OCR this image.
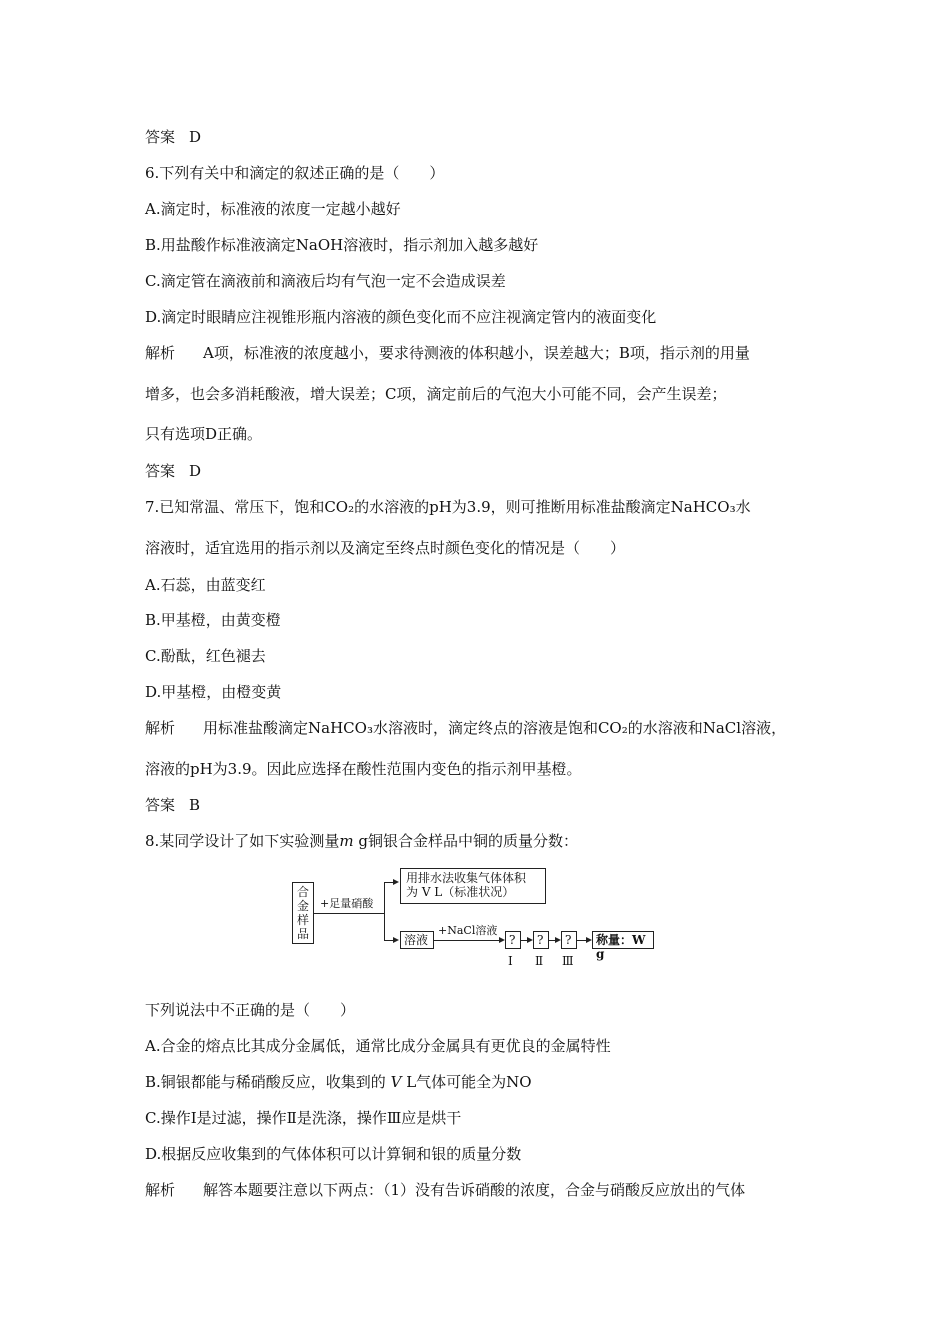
答案 D
6.下列有关中和滴定的叙述正确的是（　　）
A.滴定时，标准液的浓度一定越小越好
B.用盐酸作标准液滴定NaOH溶液时，指示剂加入越多越好
C.滴定管在滴液前和滴液后均有气泡一定不会造成误差
D.滴定时眼睛应注视锥形瓶内溶液的颜色变化而不应注视滴定管内的液面变化
解析 A项，标准液的浓度越小，要求待测液的体积越小，误差越大；B项，指示剂的用量
增多，也会多消耗酸液，增大误差；C项，滴定前后的气泡大小可能不同，会产生误差；
只有选项D正确。
答案 D
7.已知常温、常压下，饱和CO₂的水溶液的pH为3.9，则可推断用标准盐酸滴定NaHCO₃水
溶液时，适宜选用的指示剂以及滴定至终点时颜色变化的情况是（　　）
A.石蕊，由蓝变红
B.甲基橙，由黄变橙
C.酚酞，红色褪去
D.甲基橙，由橙变黄
解析 用标准盐酸滴定NaHCO₃水溶液时，滴定终点的溶液是饱和CO₂的水溶液和NaCl溶液，
溶液的pH为3.9。因此应选择在酸性范围内变色的指示剂甲基橙。
答案 B
8.某同学设计了如下实验测量m g铜银合金样品中铜的质量分数：
合金样品
+足量硝酸
用排水法收集气体体积
为 V L（标准状况）
溶液
+NaCl溶液
?	?	?	称量：W g
Ⅰ Ⅱ Ⅲ
下列说法中不正确的是（　　）
A.合金的熔点比其成分金属低，通常比成分金属具有更优良的金属特性
B.铜银都能与稀硝酸反应，收集到的 V L气体可能全为NO
C.操作Ⅰ是过滤，操作Ⅱ是洗涤，操作Ⅲ应是烘干
D.根据反应收集到的气体体积可以计算铜和银的质量分数
解析 解答本题要注意以下两点：（1）没有告诉硝酸的浓度，合金与硝酸反应放出的气体
